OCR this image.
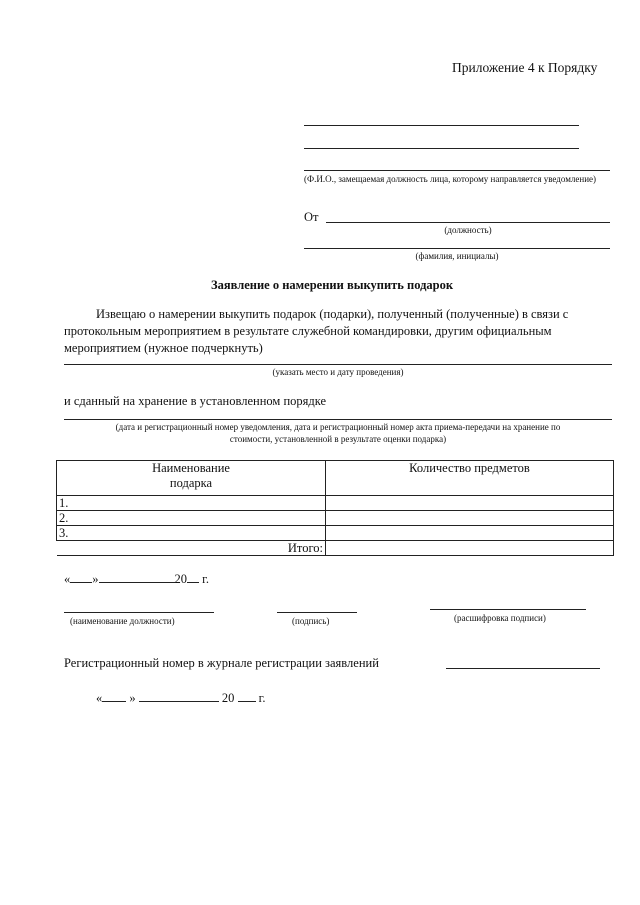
Приложение 4 к Порядку
(Ф.И.О., замещаемая должность лица, которому направляется уведомление)
От
(должность)
(фамилия, инициалы)
Заявление о намерении выкупить подарок
Извещаю о намерении выкупить подарок (подарки), полученный (полученные) в связи с
протокольным мероприятием в результате служебной командировки, другим официальным
мероприятием (нужное подчеркнуть)
(указать место и дату проведения)
и сданный на хранение в установленном порядке
(дата и регистрационный номер уведомления, дата и регистрационный номер акта приема-передачи на хранение по
стоимости, установленной в результате оценки подарка)
Наименование
подарка	Количество предметов
1.	
2.	
3.	
Итого:	
« »	20 г.
(наименование должности)	(подпись)	(расшифровка подписи)
Регистрационный номер в журнале регистрации заявлений
« »	20 г.
